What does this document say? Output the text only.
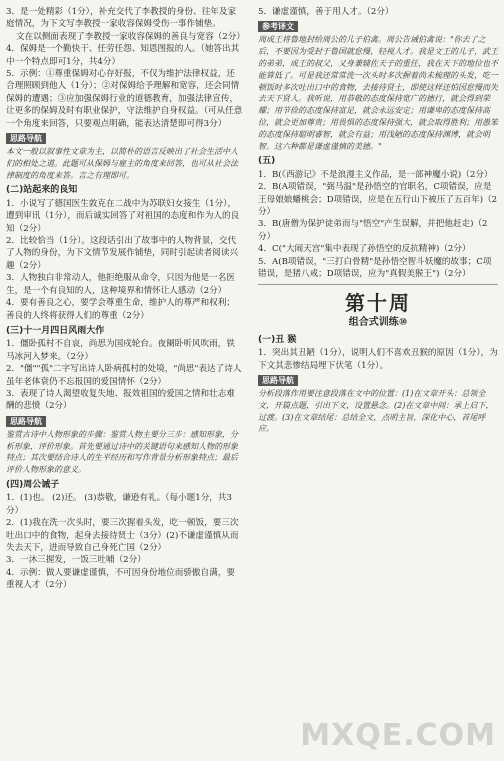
3．是一处精彩（1分），补充交代了李教授的身份、往年及家庭情况，为下文写李教授一家收容保姆受伤一事作铺垫。

文在以侧面表现了李教授一家收容保姆的善良与宽容（2分）

4．保姆是一个勤快干、任劳任怨、知恩图报的人。（她答出其中一个特点即可1分，共4分）

5．示例：①尊重保姆对心存好报，不仅为维护法律权益，还合理照顾到他人（1分）；②对保姆给予理解和宽容，还会同情保姆的遭遇；③应加强保姆行业的道德教育，加强法律宣传，让更多的保姆及时有职业保护，守法维护自身权益。（可从任意一个角度来回答，只要观点明确，能表达清楚即可得3分）

思路导航

本文一般以叙事性文章为主，以简朴的语言反映出了社会生活中人们的相处之道。此题可从保姆与雇主的角度来回答，也可从社会法律制度的角度来答。言之有理即可。

(二)站起来的良知

1．小说写了德国医生敦克在二战中为苏联妇女接生（1分），遭到审讯（1分），而后诚实回答了对祖国的态度和作为人的良知（2分）

2．比较恰当（1分）。这段话引出了故事中的人物背景，交代了人物的身份，为下文情节发展作铺垫，同时引起读者阅读兴趣（2分）

3．人物独白非常动人，他拒绝服从命令，只因为他是一名医生，是一个有良知的人，这种境界和情怀让人感动（2分）

4．要有善良之心，要学会尊重生命，维护人的尊严和权利；善良的人终将获得人们的尊重（2分）

(三)十一月四日风雨大作

1．僵卧孤村不自哀，尚思为国戍轮台。夜阑卧听风吹雨，铁马冰河入梦来。（2分）

2．"僵""孤"二字写出诗人卧病孤村的处境，"尚思"表达了诗人虽年老体衰仍不忘报国的爱国情怀（2分）

3．表现了诗人渴望收复失地、报效祖国的爱国之情和壮志难酬的悲愤（2分）

思路导航

鉴赏古诗中人物形象的步骤：鉴赏人物主要分三步：感知形象，分析形象，评价形象。首先要通过诗中的关键语句来感知人物的形象特点；其次要结合诗人的生平经历和写作背景分析形象特点；最后评价人物形象的意义。

(四)周公诫子

1．(1)也。 (2)还。 (3)恭敬，谦逊有礼。（每小题1分，共3分）

2．(1)我在洗一次头时，要三次握着头发，吃一顿饭，要三次吐出口中的食物，起身去接待贤士（3分）(2)不谦虚谨慎从而失去天下，进而导致自己身死亡国（2分）

3．一沐三握发，一饭三吐哺（2分）

4．示例：做人要谦虚谨慎，不可因身份地位而骄傲自满，要重视人才（2分）

5．谦虚谨慎，善于用人才。（2分）

参考译文

周成王将鲁地封给周公的儿子伯禽。周公告诫伯禽说："你去了之后，不要因为受封于鲁国就怠慢、轻视人才。我是文王的儿子，武王的弟弟，成王的叔父，又身兼辅佐天子的重任，我在天下的地位也不能算低了。可是我还常常洗一次头时多次握着尚未梳理的头发，吃一顿饭时多次吐出口中的食物，去接待贤士，即使这样还怕因怠慢而失去天下贤人。我听说，用恭敬的态度保持宽广的德行，就会得到荣耀；用节俭的态度保持富足，就会永远安定；用谦卑的态度保持高位，就会更加尊贵；用畏惧的态度保持强大，就会取得胜利；用愚笨的态度保持聪明睿智，就会有益；用浅陋的态度保持渊博，就会明智。这六种都是谦虚谨慎的美德。"

(五)

1．B(《西游记》不是浪漫主义作品，是一部神魔小说)（2分）

2．B(A项错误，"弼马温"是孙悟空的官职名，C项错误，应是王母娘娘蟠桃会；D项错误，应是在五行山下被压了五百年)（2分）

3．B(唐僧为保护徒弟而与"悟空"产生误解，并把他赶走)（2分）

4．C("大闹天宫"集中表现了孙悟空的反抗精神)（2分）

5．A(B项错误，"三打白骨精"是孙悟空智斗妖魔的故事；C项错误，是猪八戒；D项错误，应为"真假美猴王")（2分）

第十周
组合式训练⑩
(一)丑 猴

1．突出其丑陋（1分），说明人们不喜欢丑猴的原因（1分），为下文其悲惨结局埋下伏笔（1分）。

思路导航

分析段落作用要注意段落在文中的位置：(1)在文章开头：总领全文，开篇点题，引出下文，设置悬念。(2)在文章中间：承上启下，过渡。(3)在文章结尾：总结全文，点明主旨，深化中心，首尾呼应。

MXQE.COM
